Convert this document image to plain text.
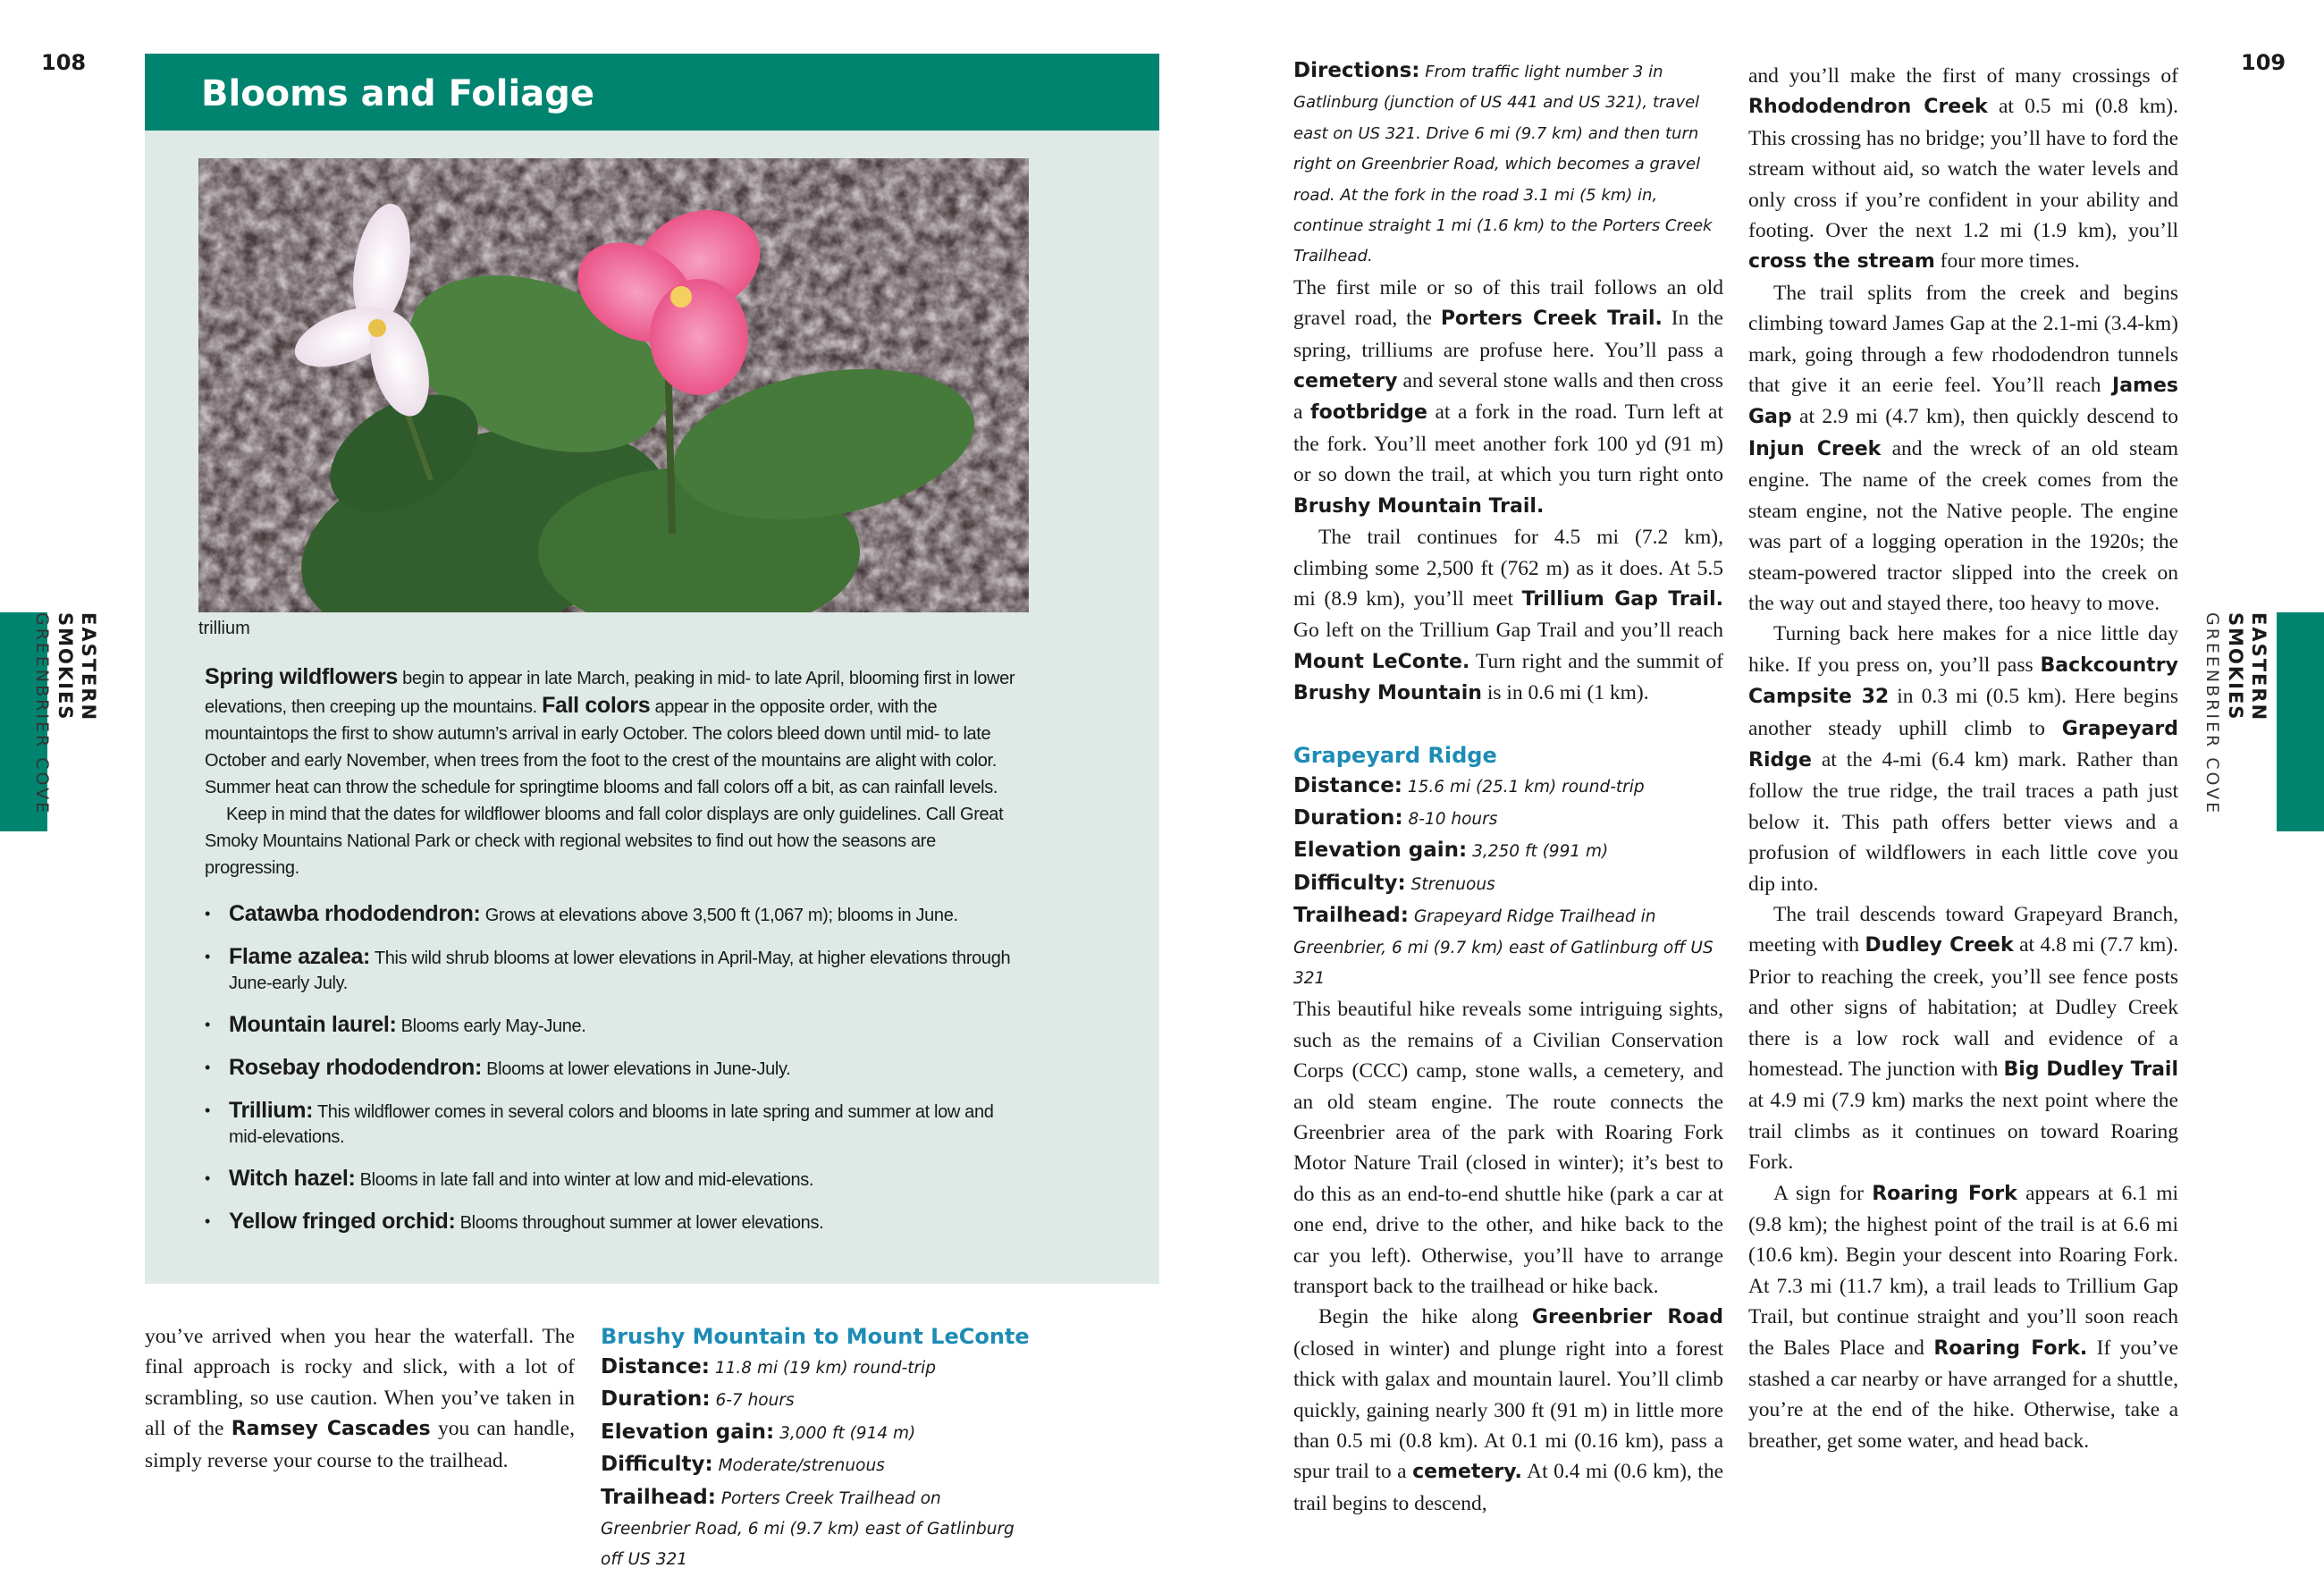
108
Blooms and Foliage
trillium

Spring wildflowers begin to appear in late March, peaking in mid- to late April, blooming first in lower elevations, then creeping up the mountains. Fall colors appear in the opposite order, with the mountaintops the first to show autumn’s arrival in early October. The colors bleed down until mid- to late October and early November, when trees from the foot to the crest of the mountains are alight with color. Summer heat can throw the schedule for springtime blooms and fall colors off a bit, as can rainfall levels.

Keep in mind that the dates for wildflower blooms and fall color displays are only guidelines. Call Great Smoky Mountains National Park or check with regional websites to find out how the seasons are progressing.

• Catawba rhododendron: Grows at elevations above 3,500 ft (1,067 m); blooms in June.
• Flame azalea: This wild shrub blooms at lower elevations in April-May, at higher elevations through June-early July.
• Mountain laurel: Blooms early May-June.
• Rosebay rhododendron: Blooms at lower elevations in June-July.
• Trillium: This wildflower comes in several colors and blooms in late spring and summer at low and mid-elevations.
• Witch hazel: Blooms in late fall and into winter at low and mid-elevations.
• Yellow fringed orchid: Blooms throughout summer at lower elevations.

you’ve arrived when you hear the waterfall. The final approach is rocky and slick, with a lot of scrambling, so use caution. When you’ve taken in all of the Ramsey Cascades you can handle, simply reverse your course to the trailhead.

Brushy Mountain to Mount LeConte
Distance: 11.8 mi (19 km) round-trip
Duration: 6-7 hours
Elevation gain: 3,000 ft (914 m)
Difficulty: Moderate/strenuous
Trailhead: Porters Creek Trailhead on Greenbrier Road, 6 mi (9.7 km) east of Gatlinburg off US 321
EASTERN SMOKIES GREENBRIER COVE
109
Directions: From traffic light number 3 in Gatlinburg (junction of US 441 and US 321), travel east on US 321. Drive 6 mi (9.7 km) and then turn right on Greenbrier Road, which becomes a gravel road. At the fork in the road 3.1 mi (5 km) in, continue straight 1 mi (1.6 km) to the Porters Creek Trailhead.

The first mile or so of this trail follows an old gravel road, the Porters Creek Trail. In the spring, trilliums are profuse here. You’ll pass a cemetery and several stone walls and then cross a footbridge at a fork in the road. Turn left at the fork. You’ll meet another fork 100 yd (91 m) or so down the trail, at which you turn right onto Brushy Mountain Trail.

The trail continues for 4.5 mi (7.2 km), climbing some 2,500 ft (762 m) as it does. At 5.5 mi (8.9 km), you’ll meet Trillium Gap Trail. Go left on the Trillium Gap Trail and you’ll reach Mount LeConte. Turn right and the summit of Brushy Mountain is in 0.6 mi (1 km).

Grapeyard Ridge
Distance: 15.6 mi (25.1 km) round-trip
Duration: 8-10 hours
Elevation gain: 3,250 ft (991 m)
Difficulty: Strenuous
Trailhead: Grapeyard Ridge Trailhead in Greenbrier, 6 mi (9.7 km) east of Gatlinburg off US 321

This beautiful hike reveals some intriguing sights, such as the remains of a Civilian Conservation Corps (CCC) camp, stone walls, a cemetery, and an old steam engine. The route connects the Greenbrier area of the park with Roaring Fork Motor Nature Trail (closed in winter); it’s best to do this as an end-to-end shuttle hike (park a car at one end, drive to the other, and hike back to the car you left). Otherwise, you’ll have to arrange transport back to the trailhead or hike back.

Begin the hike along Greenbrier Road (closed in winter) and plunge right into a forest thick with galax and mountain laurel. You’ll climb quickly, gaining nearly 300 ft (91 m) in little more than 0.5 mi (0.8 km). At 0.1 mi (0.16 km), pass a spur trail to a cemetery. At 0.4 mi (0.6 km), the trail begins to descend,

and you’ll make the first of many crossings of Rhododendron Creek at 0.5 mi (0.8 km). This crossing has no bridge; you’ll have to ford the stream without aid, so watch the water levels and only cross if you’re confident in your ability and footing. Over the next 1.2 mi (1.9 km), you’ll cross the stream four more times.

The trail splits from the creek and begins climbing toward James Gap at the 2.1-mi (3.4-km) mark, going through a few rhododendron tunnels that give it an eerie feel. You’ll reach James Gap at 2.9 mi (4.7 km), then quickly descend to Injun Creek and the wreck of an old steam engine. The name of the creek comes from the steam engine, not the Native people. The engine was part of a logging operation in the 1920s; the steam-powered tractor slipped into the creek on the way out and stayed there, too heavy to move.

Turning back here makes for a nice little day hike. If you press on, you’ll pass Backcountry Campsite 32 in 0.3 mi (0.5 km). Here begins another steady uphill climb to Grapeyard Ridge at the 4-mi (6.4 km) mark. Rather than follow the true ridge, the trail traces a path just below it. This path offers better views and a profusion of wildflowers in each little cove you dip into.

The trail descends toward Grapeyard Branch, meeting with Dudley Creek at 4.8 mi (7.7 km). Prior to reaching the creek, you’ll see fence posts and other signs of habitation; at Dudley Creek there is a low rock wall and evidence of a homestead. The junction with Big Dudley Trail at 4.9 mi (7.9 km) marks the next point where the trail climbs as it continues on toward Roaring Fork.

A sign for Roaring Fork appears at 6.1 mi (9.8 km); the highest point of the trail is at 6.6 mi (10.6 km). Begin your descent into Roaring Fork. At 7.3 mi (11.7 km), a trail leads to Trillium Gap Trail, but continue straight and you’ll soon reach the Bales Place and Roaring Fork. If you’ve stashed a car nearby or have arranged for a shuttle, you’re at the end of the hike. Otherwise, take a breather, get some water, and head back.

EASTERN SMOKIES GREENBRIER COVE
